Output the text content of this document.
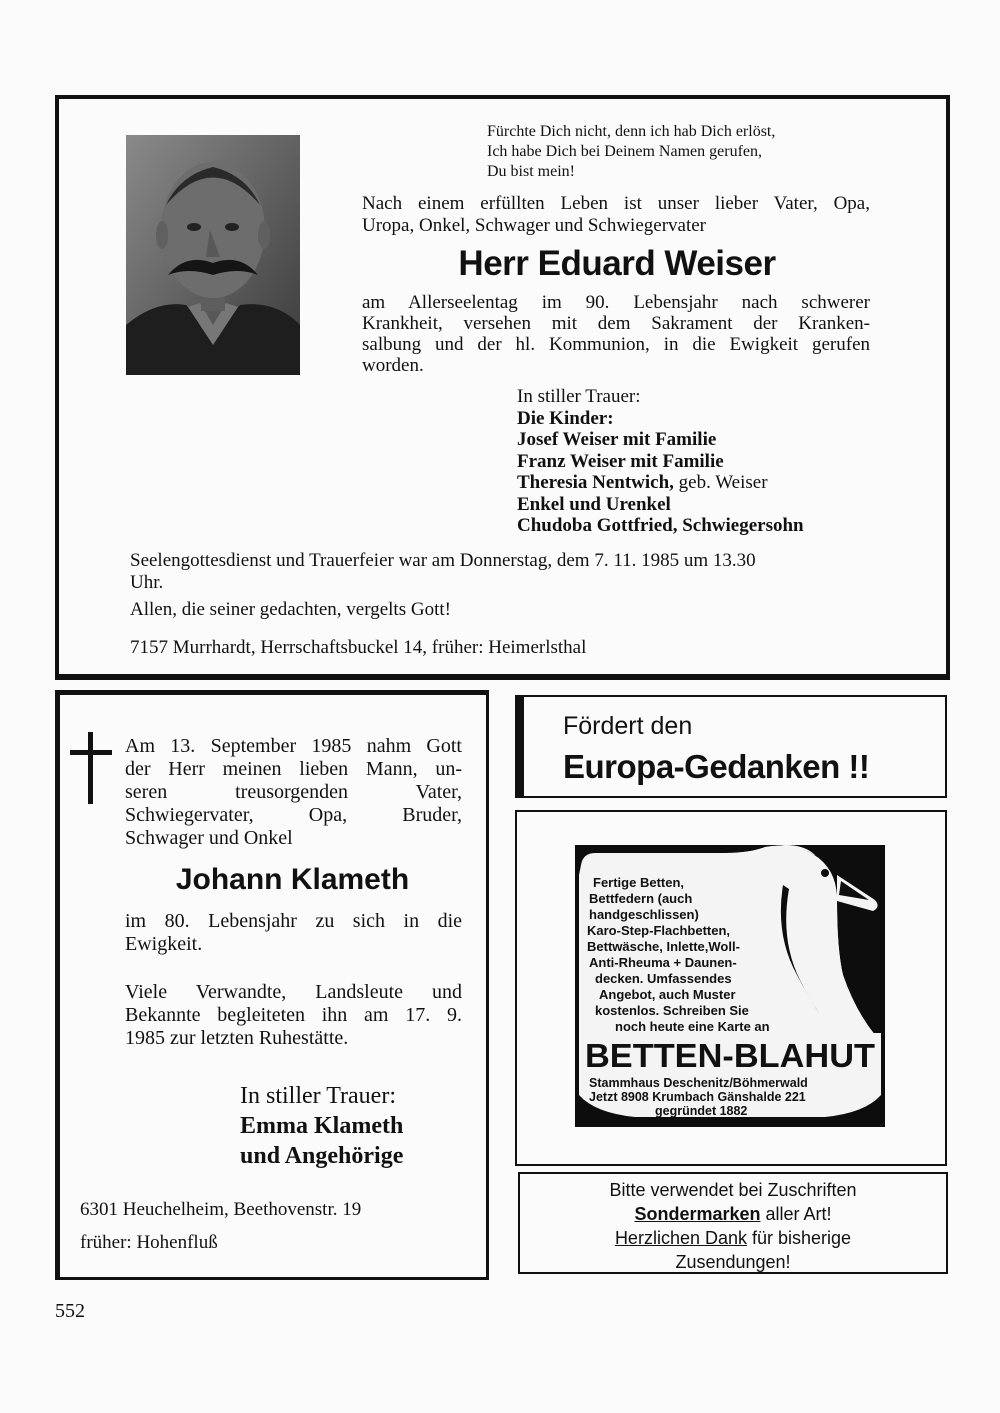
Fürchte Dich nicht, denn ich hab Dich erlöst,
Ich habe Dich bei Deinem Namen gerufen,
Du bist mein!
Nach einem erfüllten Leben ist unser lieber Vater, Opa,
Uropa, Onkel, Schwager und Schwiegervater
Herr Eduard Weiser
am Allerseelentag im 90. Lebensjahr nach schwerer
Krankheit, versehen mit dem Sakrament der Kranken-
salbung und der hl. Kommunion, in die Ewigkeit gerufen
worden.
In stiller Trauer:
Die Kinder:
Josef Weiser mit Familie
Franz Weiser mit Familie
Theresia Nentwich, geb. Weiser
Enkel und Urenkel
Chudoba Gottfried, Schwiegersohn
Seelengottesdienst und Trauerfeier war am Donnerstag, dem 7. 11. 1985 um 13.30
Uhr.
Allen, die seiner gedachten, vergelts Gott!
7157 Murrhardt, Herrschaftsbuckel 14, früher: Heimerlsthal
Am 13. September 1985 nahm Gott
der Herr meinen lieben Mann, un-
seren treusorgenden Vater,
Schwiegervater, Opa, Bruder,
Schwager und Onkel
Johann Klameth
im 80. Lebensjahr zu sich in die
Ewigkeit.
Viele Verwandte, Landsleute und
Bekannte begleiteten ihn am 17. 9.
1985 zur letzten Ruhestätte.
In stiller Trauer:
Emma Klameth
und Angehörige
6301 Heuchelheim, Beethovenstr. 19
früher: Hohenfluß
Fördert den
Europa-Gedanken !!
Fertige Betten,
Bettfedern (auch
handgeschlissen)
Karo-Step-Flachbetten,
Bettwäsche, Inlette,Woll-
Anti-Rheuma + Daunen-
decken. Umfassendes
Angebot, auch Muster
kostenlos. Schreiben Sie
noch heute eine Karte an
BETTEN-BLAHUT
Stammhaus Deschenitz/Böhmerwald
Jetzt 8908 Krumbach Gänshalde 221
gegründet 1882
Bitte verwendet bei Zuschriften
Sondermarken aller Art!
Herzlichen Dank für bisherige
Zusendungen!
552
